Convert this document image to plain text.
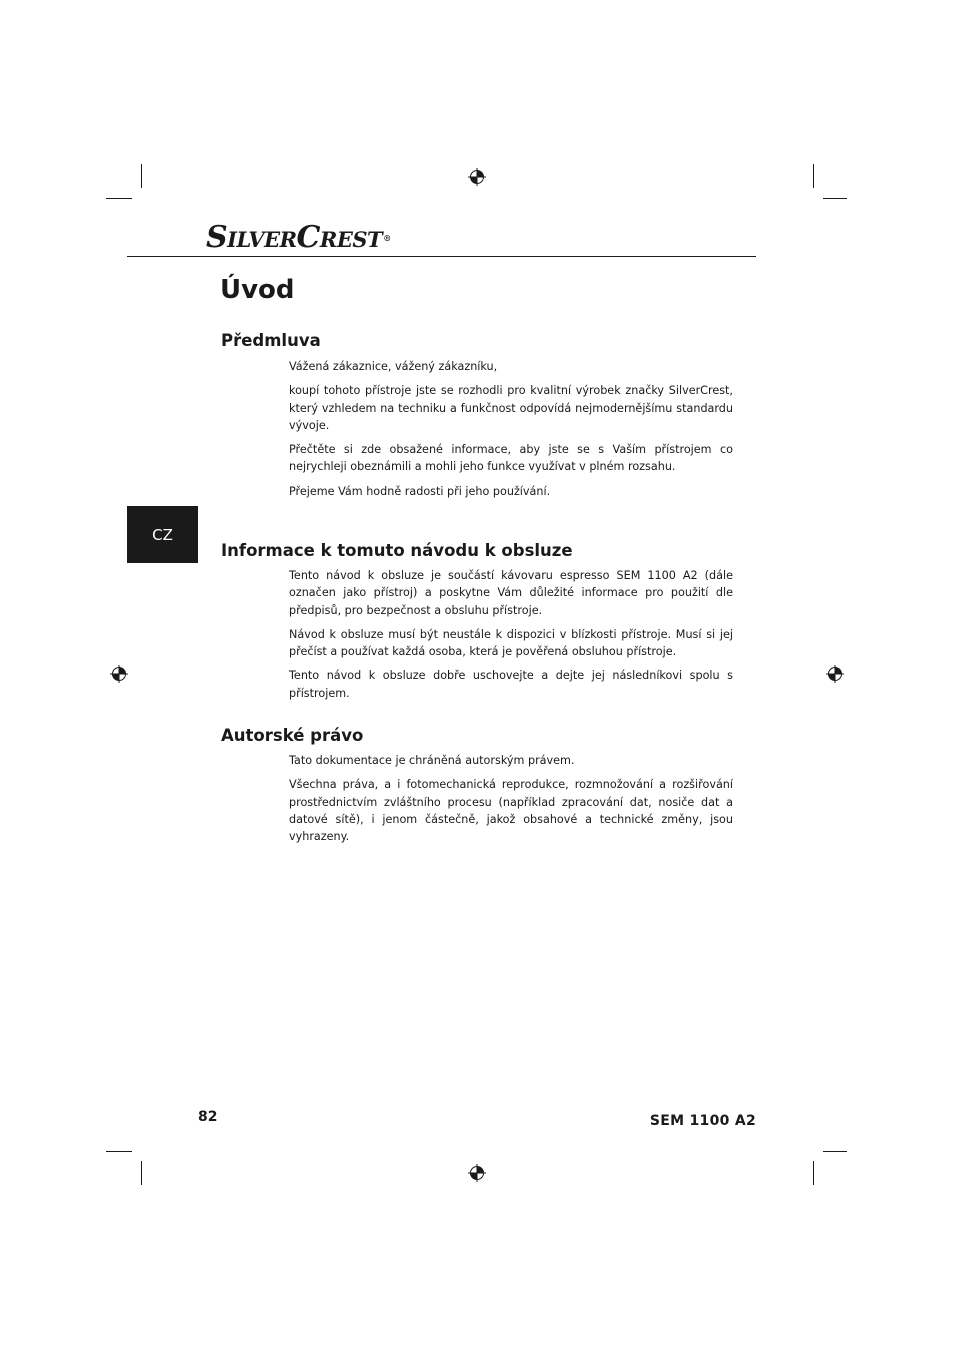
SILVERCREST®
Úvod
Předmluva

Vážená zákaznice, vážený zákazníku,

koupí tohoto přístroje jste se rozhodli pro kvalitní výrobek značky SilverCrest, který vzhledem na techniku a funkčnost odpovídá nejmodernějšímu standardu vývoje.

Přečtěte si zde obsažené informace, aby jste se s Vaším přístrojem co nejrychleji obeznámili a mohli jeho funkce využívat v plném rozsahu.

Přejeme Vám hodně radosti při jeho používání.

CZ
Informace k tomuto návodu k obsluze

Tento návod k obsluze je součástí kávovaru espresso SEM 1100 A2 (dále označen jako přístroj) a poskytne Vám důležité informace pro použití dle předpisů, pro bezpečnost a obsluhu přístroje.

Návod k obsluze musí být neustále k dispozici v blízkosti přístroje. Musí si jej přečíst a používat každá osoba, která je pověřená obsluhou přístroje.

Tento návod k obsluze dobře uschovejte a dejte jej následníkovi spolu s přístrojem.

Autorské právo

Tato dokumentace je chráněná autorským právem.

Všechna práva, a i fotomechanická reprodukce, rozmnožování a rozšiřování prostřednictvím zvláštního procesu (například zpracování dat, nosiče dat a datové sítě), i jenom částečně, jakož obsahové a technické změny, jsou vyhrazeny.

82	SEM 1100 A2
